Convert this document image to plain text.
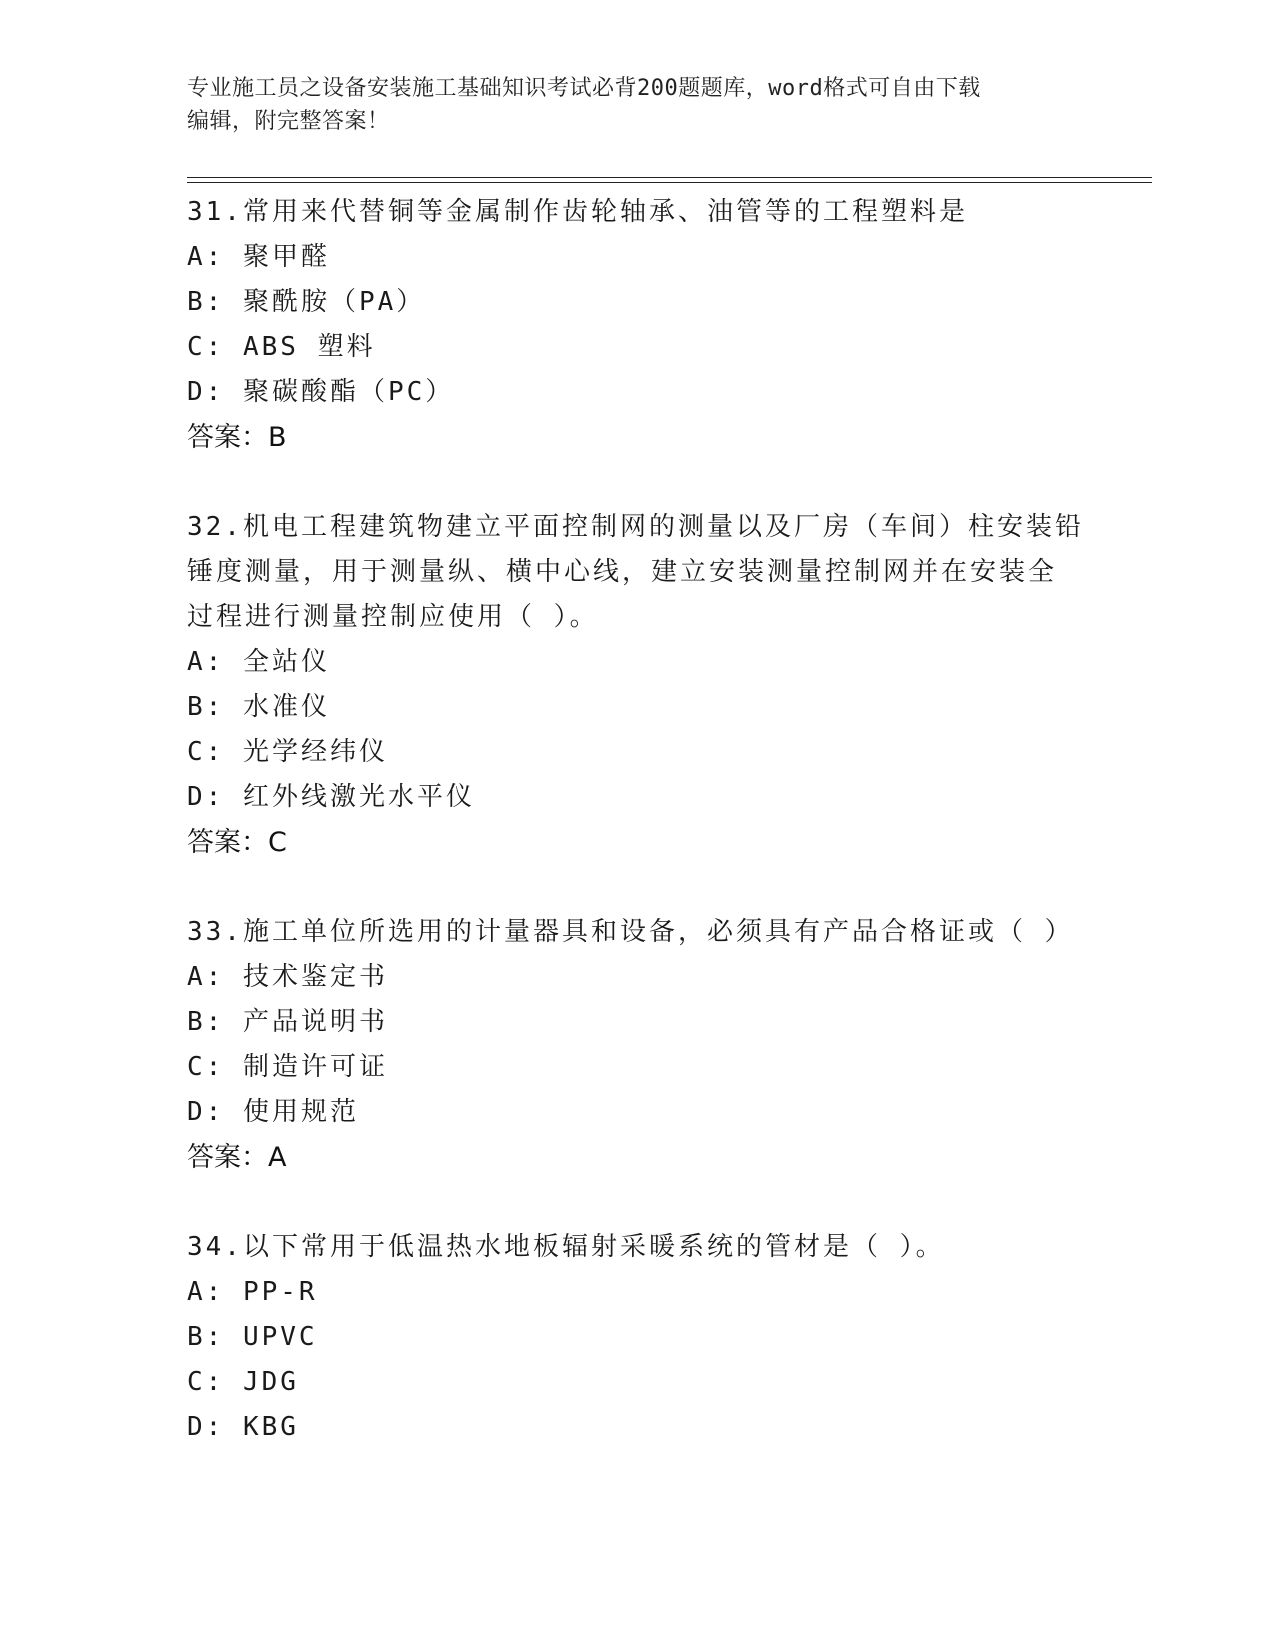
专业施工员之设备安装施工基础知识考试必背200题题库，word格式可自由下载
编辑，附完整答案！

31.常用来代替铜等金属制作齿轮轴承、油管等的工程塑料是

A: 聚甲醛

B: 聚酰胺（PA）

C: ABS 塑料

D: 聚碳酸酯（PC）

答案：B

32.机电工程建筑物建立平面控制网的测量以及厂房（车间）柱安装铅

锤度测量，用于测量纵、横中心线，建立安装测量控制网并在安装全

过程进行测量控制应使用（ ）。

A: 全站仪

B: 水准仪

C: 光学经纬仪

D: 红外线激光水平仪

答案：C

33.施工单位所选用的计量器具和设备，必须具有产品合格证或（ ）

A: 技术鉴定书

B: 产品说明书

C: 制造许可证

D: 使用规范

答案：A

34.以下常用于低温热水地板辐射采暖系统的管材是（ ）。

A: PP-R

B: UPVC

C: JDG

D: KBG
